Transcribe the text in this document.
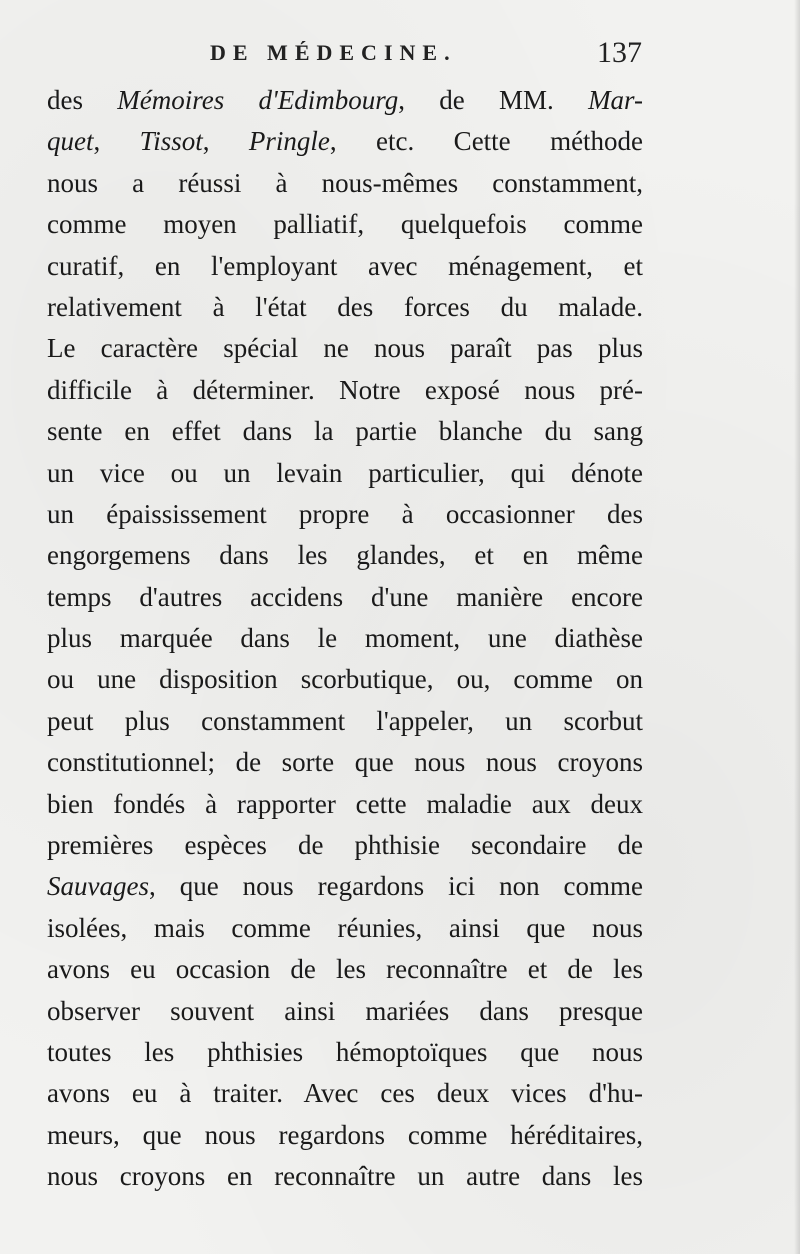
DE MÉDECINE.	137
des Mémoires d'Edimbourg, de MM. Mar-
quet, Tissot, Pringle, etc. Cette méthode
nous a réussi à nous-mêmes constamment,
comme moyen palliatif, quelquefois comme
curatif, en l'employant avec ménagement, et
relativement à l'état des forces du malade.
Le caractère spécial ne nous paraît pas plus
difficile à déterminer. Notre exposé nous pré-
sente en effet dans la partie blanche du sang
un vice ou un levain particulier, qui dénote
un épaississement propre à occasionner des
engorgemens dans les glandes, et en même
temps d'autres accidens d'une manière encore
plus marquée dans le moment, une diathèse
ou une disposition scorbutique, ou, comme on
peut plus constamment l'appeler, un scorbut
constitutionnel; de sorte que nous nous croyons
bien fondés à rapporter cette maladie aux deux
premières espèces de phthisie secondaire de
Sauvages, que nous regardons ici non comme
isolées, mais comme réunies, ainsi que nous
avons eu occasion de les reconnaître et de les
observer souvent ainsi mariées dans presque
toutes les phthisies hémoptoïques que nous
avons eu à traiter. Avec ces deux vices d'hu-
meurs, que nous regardons comme héréditaires,
nous croyons en reconnaître un autre dans les
